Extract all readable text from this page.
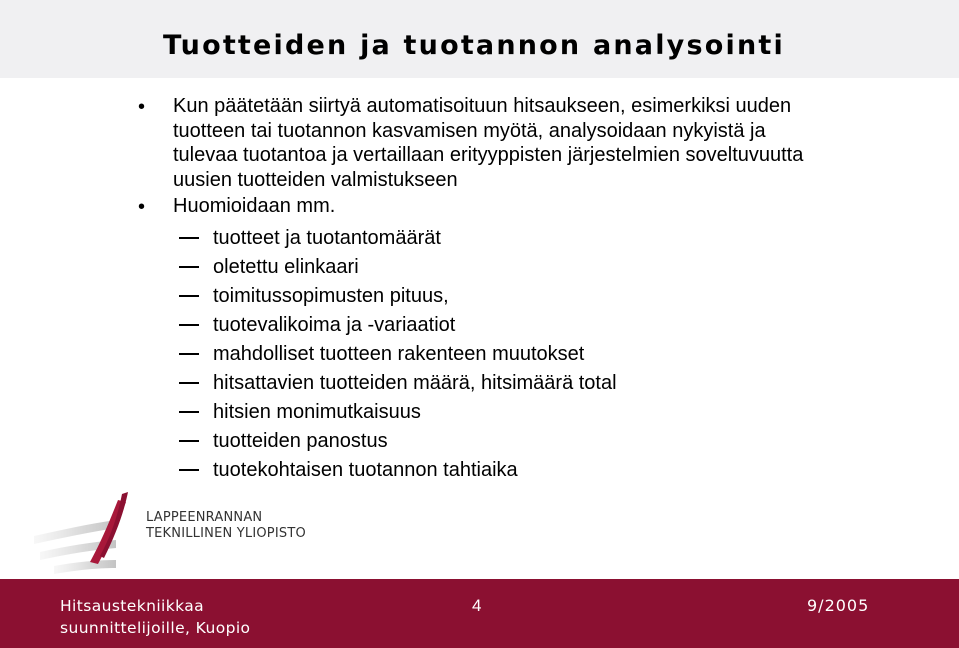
Tuotteiden ja tuotannon analysointi
• Kun päätetään siirtyä automatisoituun hitsaukseen, esimerkiksi uuden
tuotteen tai tuotannon kasvamisen myötä, analysoidaan nykyistä ja
tulevaa tuotantoa ja vertaillaan erityyppisten järjestelmien soveltuvuutta
uusien tuotteiden valmistukseen
• Huomioidaan mm.
tuotteet ja tuotantomäärät
oletettu elinkaari
toimitussopimusten pituus,
tuotevalikoima ja -variaatiot
mahdolliset tuotteen rakenteen muutokset
hitsattavien tuotteiden määrä, hitsimäärä total
hitsien monimutkaisuus
tuotteiden panostus
tuotekohtaisen tuotannon tahtiaika
LAPPEENRANNAN
TEKNILLINEN YLIOPISTO
Hitsaustekniikkaa
suunnittelijoille, Kuopio
4	9/2005
